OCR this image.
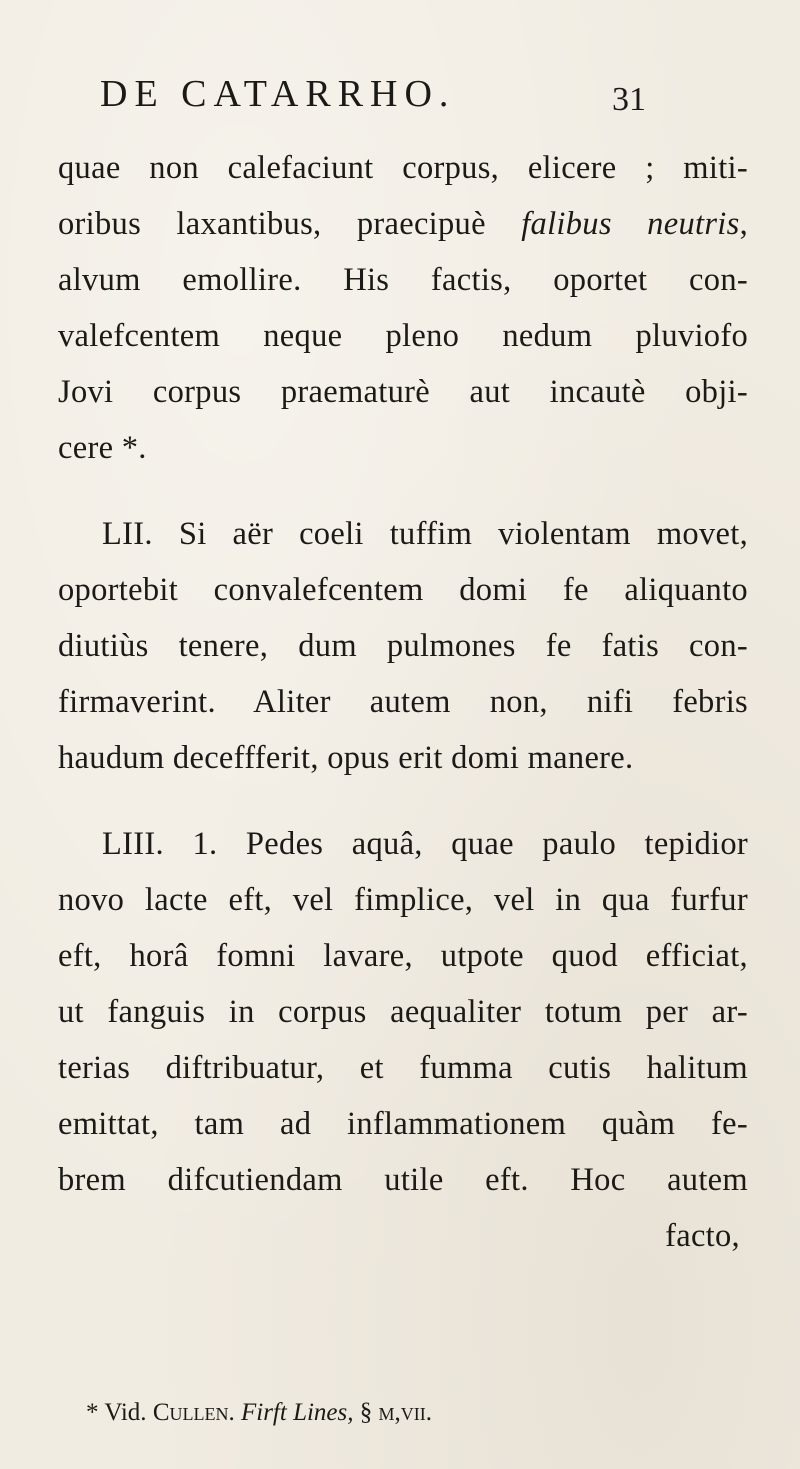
DE CATARRHO.	31
quae non calefaciunt corpus, elicere ; miti-
oribus laxantibus, praecipuè falibus neutris,
alvum emollire. His factis, oportet con-
valefcentem neque pleno nedum pluviofo
Jovi corpus praematurè aut incautè obji-
cere *.
LII. Si aër coeli tuffim violentam movet,
oportebit convalefcentem domi fe aliquanto
diutiùs tenere, dum pulmones fe fatis con-
firmaverint. Aliter autem non, nifi febris
haudum deceffferit, opus erit domi manere.
LIII. 1. Pedes aquâ, quae paulo tepidior
novo lacte eft, vel fimplice, vel in qua furfur
eft, horâ fomni lavare, utpote quod efficiat,
ut fanguis in corpus aequaliter totum per ar-
terias diftribuatur, et fumma cutis halitum
emittat, tam ad inflammationem quàm fe-
brem difcutiendam utile eft. Hoc autem
facto,
* Vid. Cullen. Firft Lines, § m,vii.
